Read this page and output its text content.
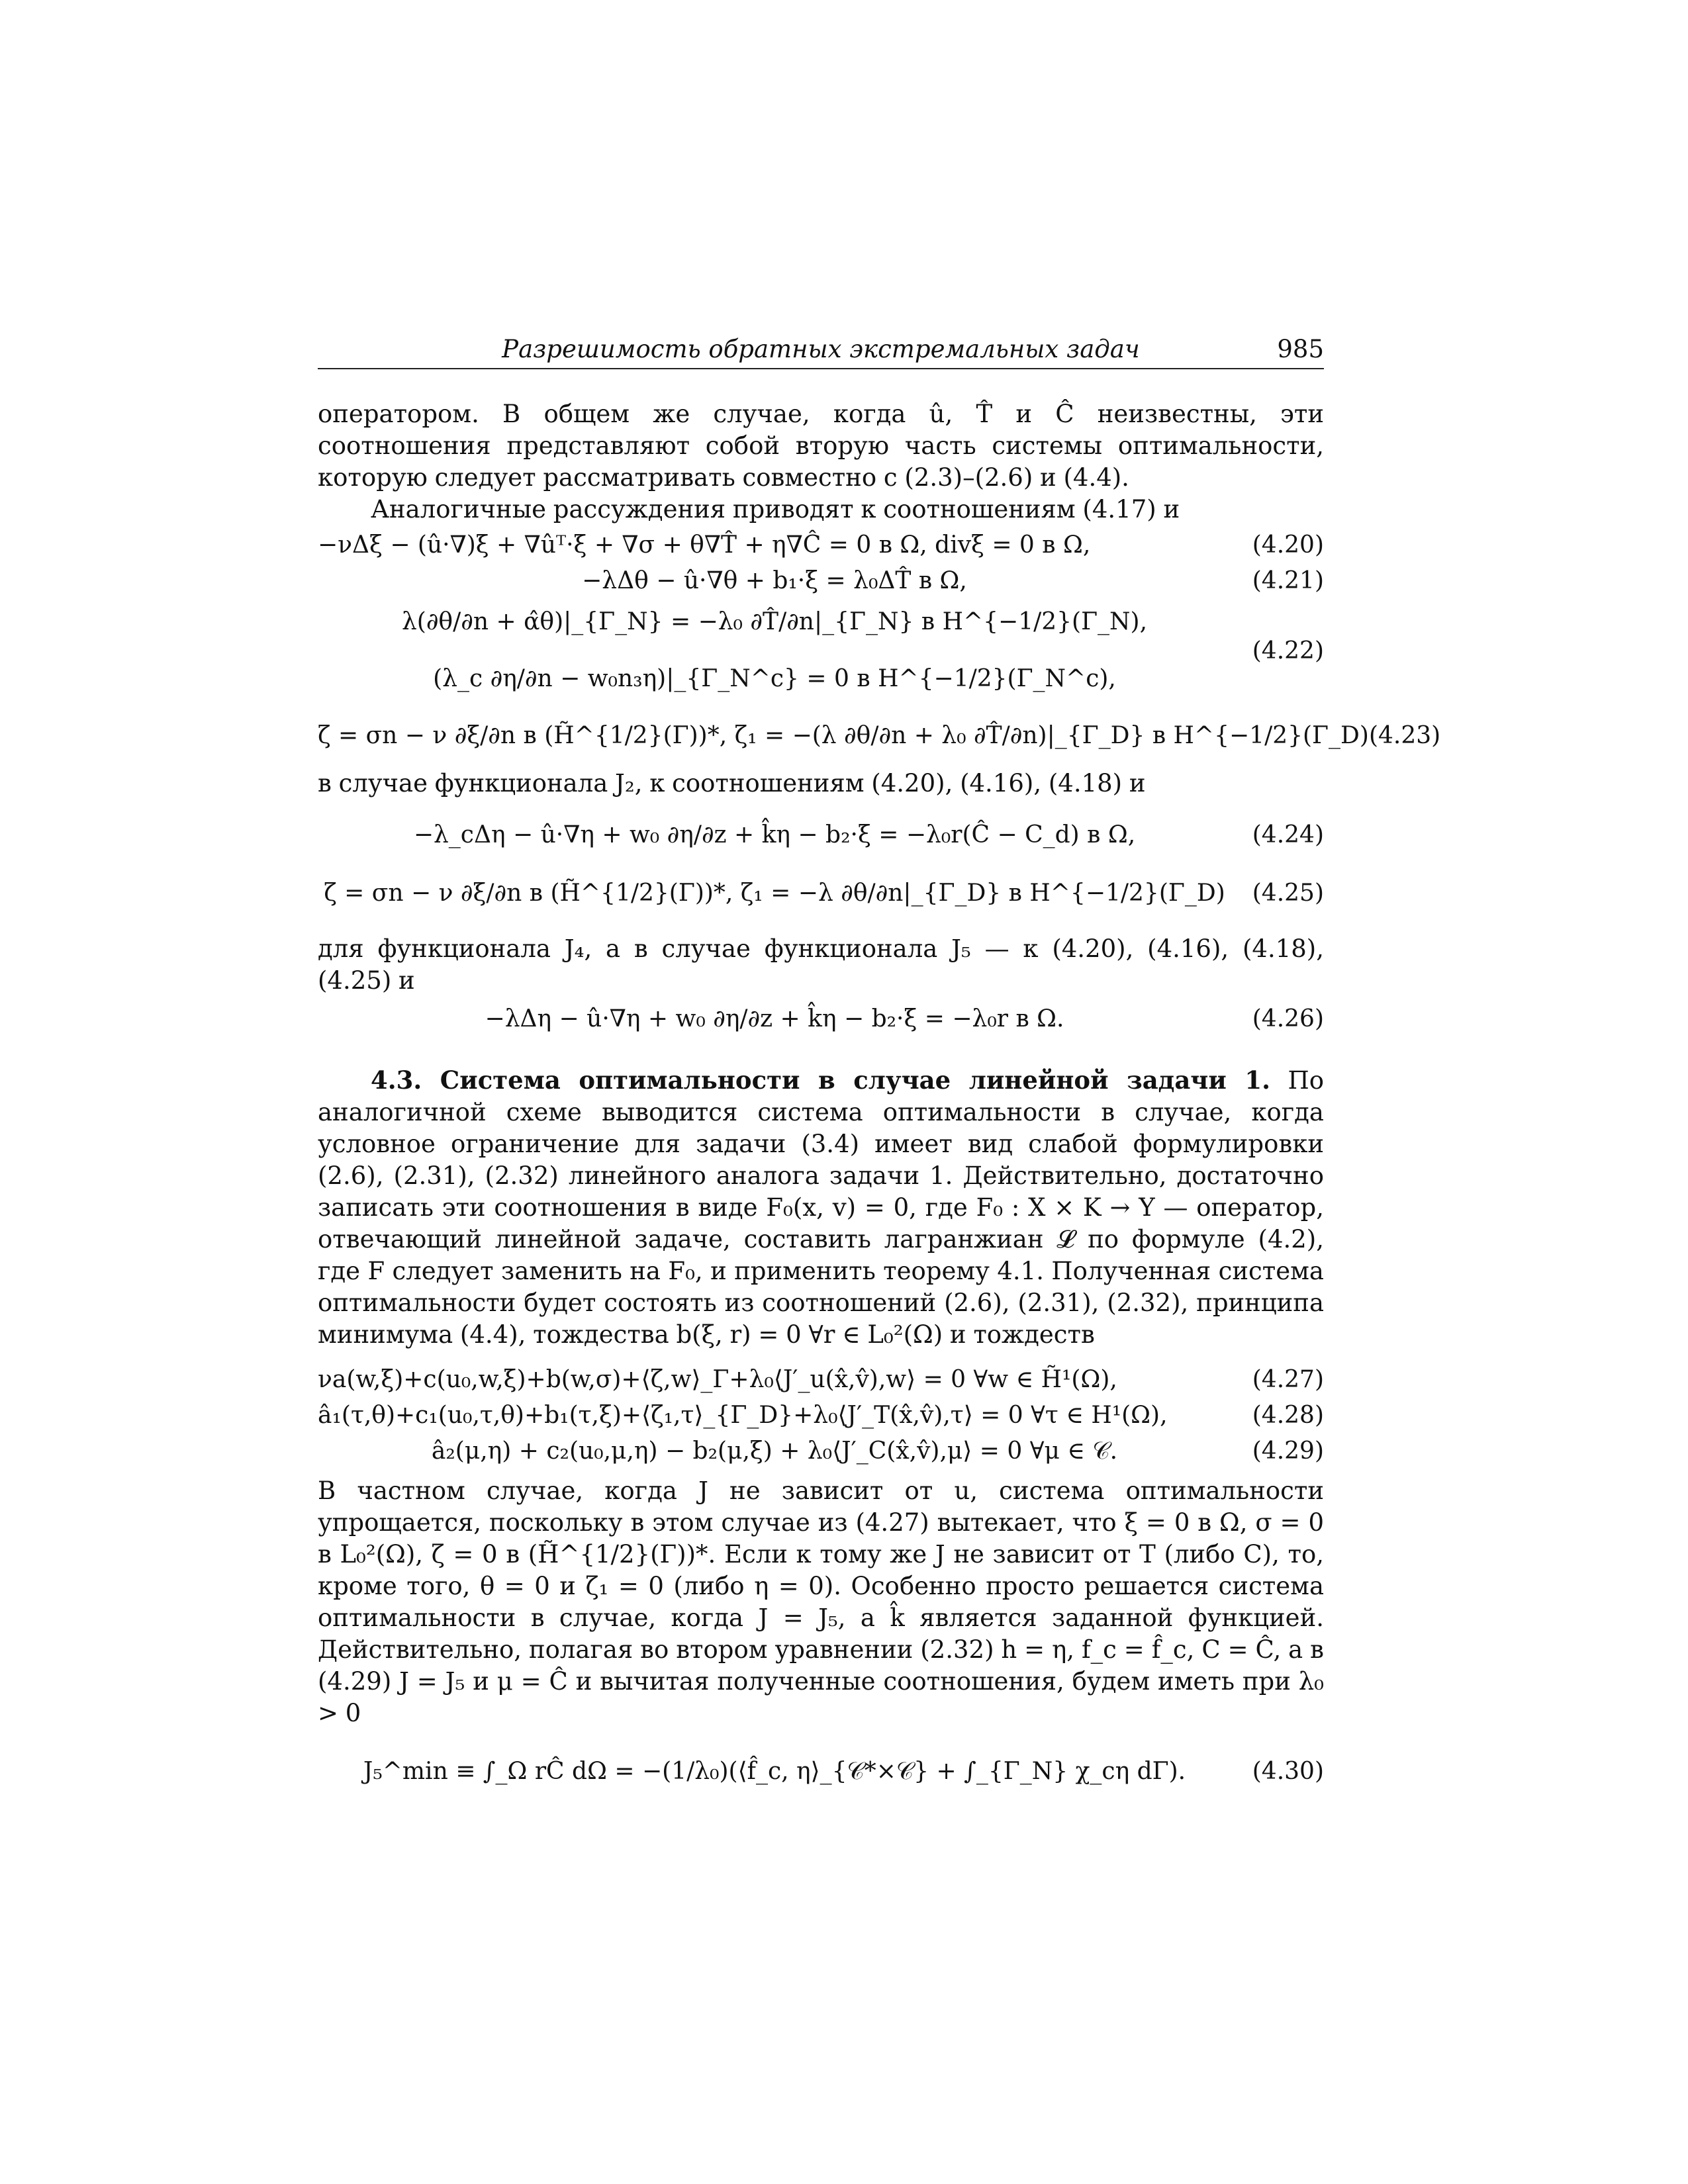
Разрешимость обратных экстремальных задач	985

оператором. В общем же случае, когда û, T̂ и Ĉ неизвестны, эти соотношения представляют собой вторую часть системы оптимальности, которую следует рассматривать совместно с (2.3)–(2.6) и (4.4).

Аналогичные рассуждения приводят к соотношениям (4.17) и

−νΔξ − (û·∇)ξ + ∇ûᵀ·ξ + ∇σ + θ∇T̂ + η∇Ĉ = 0 в Ω, divξ = 0 в Ω,	(4.20)
−λΔθ − û·∇θ + b₁·ξ = λ₀ΔT̂ в Ω,	(4.21)
λ(∂θ/∂n + α̂θ)|_{Γ_N} = −λ₀ ∂T̂/∂n|_{Γ_N} в H^{−1/2}(Γ_N),
(λ_c ∂η/∂n − w₀n₃η)|_{Γ_N^c} = 0 в H^{−1/2}(Γ_N^c),
(4.22)
ζ = σn − ν ∂ξ/∂n в (H̃^{1/2}(Γ))*, ζ₁ = −(λ ∂θ/∂n + λ₀ ∂T̂/∂n)|_{Γ_D} в H^{−1/2}(Γ_D) (4.23)

в случае функционала J₂, к соотношениям (4.20), (4.16), (4.18) и

−λ_cΔη − û·∇η + w₀ ∂η/∂z + k̂η − b₂·ξ = −λ₀r(Ĉ − C_d) в Ω,	(4.24)
ζ = σn − ν ∂ξ/∂n в (H̃^{1/2}(Γ))*, ζ₁ = −λ ∂θ/∂n|_{Γ_D} в H^{−1/2}(Γ_D)	(4.25)

для функционала J₄, а в случае функционала J₅ — к (4.20), (4.16), (4.18), (4.25) и

−λΔη − û·∇η + w₀ ∂η/∂z + k̂η − b₂·ξ = −λ₀r в Ω.	(4.26)

4.3. Система оптимальности в случае линейной задачи 1. По аналогичной схеме выводится система оптимальности в случае, когда условное ограничение для задачи (3.4) имеет вид слабой формулировки (2.6), (2.31), (2.32) линейного аналога задачи 1. Действительно, достаточно записать эти соотношения в виде F₀(x, v) = 0, где F₀ : X × K → Y — оператор, отвечающий линейной задаче, составить лагранжиан 𝓛 по формуле (4.2), где F следует заменить на F₀, и применить теорему 4.1. Полученная система оптимальности будет состоять из соотношений (2.6), (2.31), (2.32), принципа минимума (4.4), тождества b(ξ, r) = 0 ∀r ∈ L₀²(Ω) и тождеств

νa(w,ξ)+c(u₀,w,ξ)+b(w,σ)+⟨ζ,w⟩_Γ+λ₀⟨J′_u(x̂,v̂),w⟩ = 0 ∀w ∈ H̃¹(Ω),	(4.27)
â₁(τ,θ)+c₁(u₀,τ,θ)+b₁(τ,ξ)+⟨ζ₁,τ⟩_{Γ_D}+λ₀⟨J′_T(x̂,v̂),τ⟩ = 0 ∀τ ∈ H¹(Ω),	(4.28)
â₂(μ,η) + c₂(u₀,μ,η) − b₂(μ,ξ) + λ₀⟨J′_C(x̂,v̂),μ⟩ = 0 ∀μ ∈ 𝒞.	(4.29)

В частном случае, когда J не зависит от u, система оптимальности упрощается, поскольку в этом случае из (4.27) вытекает, что ξ = 0 в Ω, σ = 0 в L₀²(Ω), ζ = 0 в (H̃^{1/2}(Γ))*. Если к тому же J не зависит от T (либо C), то, кроме того, θ = 0 и ζ₁ = 0 (либо η = 0). Особенно просто решается система оптимальности в случае, когда J = J₅, а k̂ является заданной функцией. Действительно, полагая во втором уравнении (2.32) h = η, f_c = f̂_c, C = Ĉ, а в (4.29) J = J₅ и μ = Ĉ и вычитая полученные соотношения, будем иметь при λ₀ > 0

J₅^min ≡ ∫_Ω rĈ dΩ = −(1/λ₀)(⟨f̂_c, η⟩_{𝒞*×𝒞} + ∫_{Γ_N} χ_cη dΓ).	(4.30)
